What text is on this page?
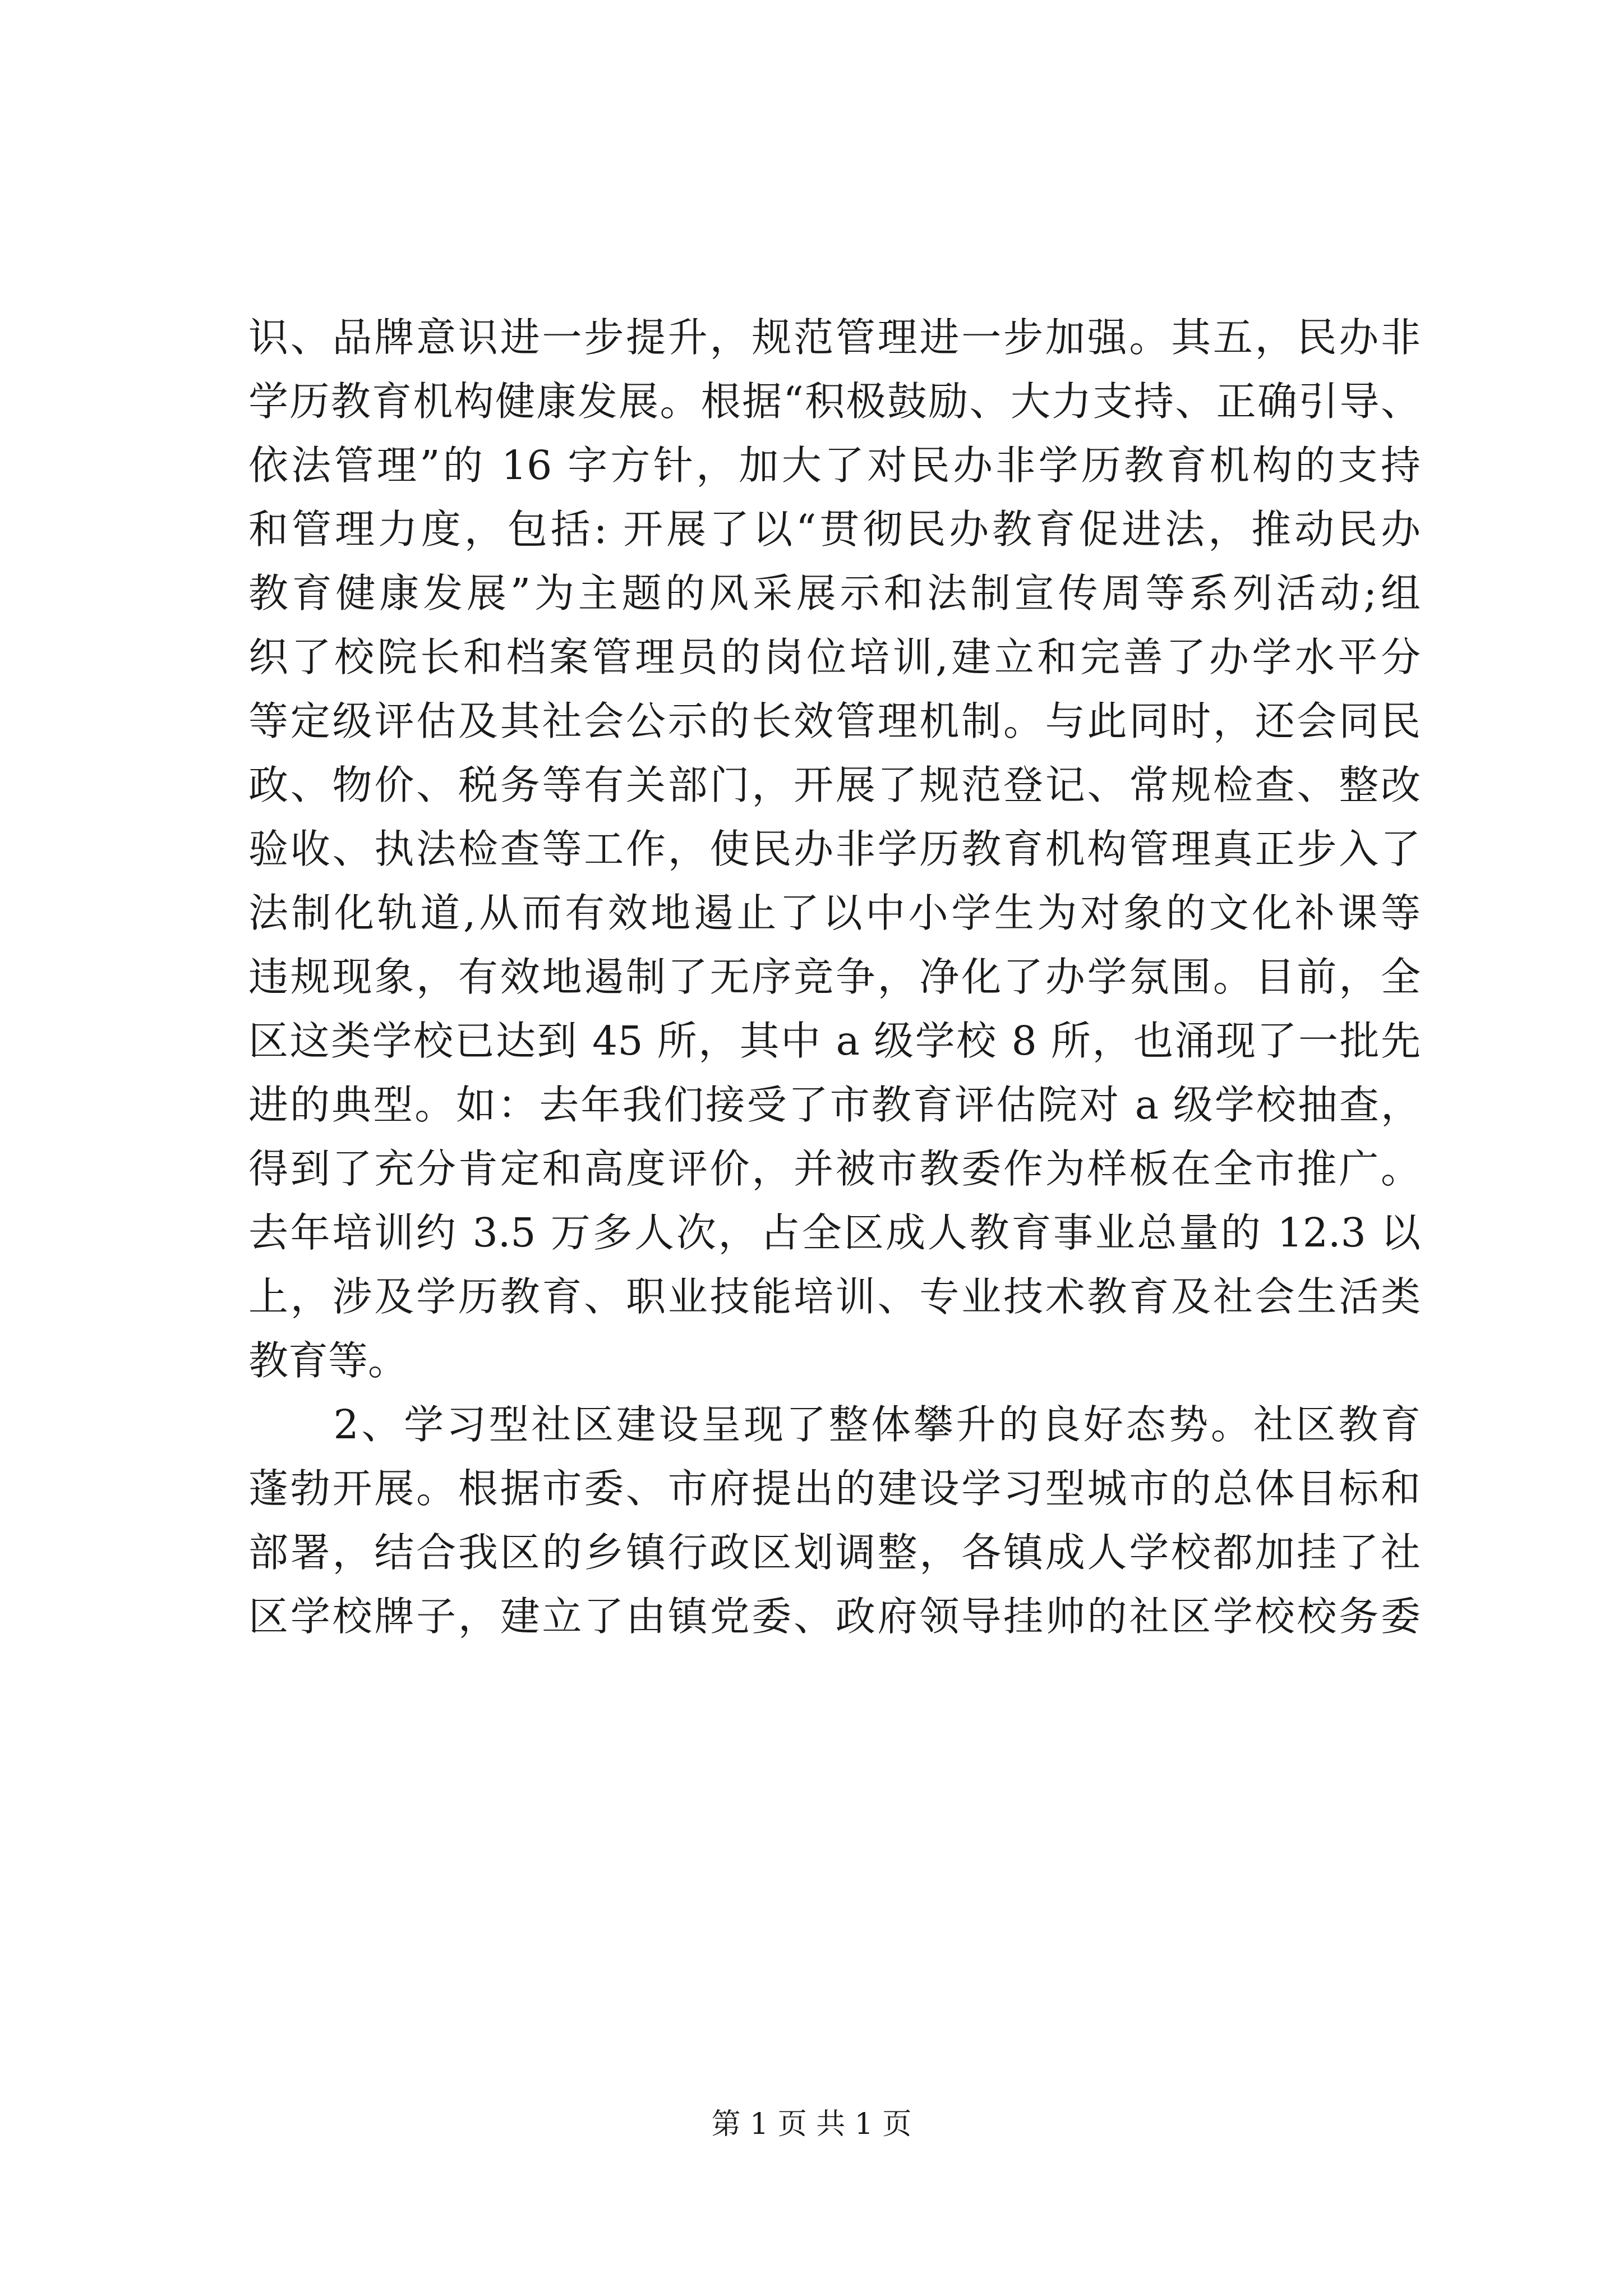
识、品牌意识进一步提升，规范管理进一步加强。其五，民办非
学历教育机构健康发展。根据“积极鼓励、大力支持、正确引导、
依法管理”的 16 字方针，加大了对民办非学历教育机构的支持
和管理力度，包括: 开展了以“贯彻民办教育促进法，推动民办
教育健康发展”为主题的风采展示和法制宣传周等系列活动;组
织了校院长和档案管理员的岗位培训,建立和完善了办学水平分
等定级评估及其社会公示的长效管理机制。与此同时，还会同民
政、物价、税务等有关部门，开展了规范登记、常规检查、整改
验收、执法检查等工作，使民办非学历教育机构管理真正步入了
法制化轨道,从而有效地遏止了以中小学生为对象的文化补课等
违规现象，有效地遏制了无序竞争，净化了办学氛围。目前，全
区这类学校已达到 45 所，其中 a 级学校 8 所，也涌现了一批先
进的典型。如：去年我们接受了市教育评估院对 a 级学校抽查，
得到了充分肯定和高度评价，并被市教委作为样板在全市推广。
去年培训约 3.5 万多人次，占全区成人教育事业总量的 12.3 以
上，涉及学历教育、职业技能培训、专业技术教育及社会生活类
教育等。
　　2、学习型社区建设呈现了整体攀升的良好态势。社区教育
蓬勃开展。根据市委、市府提出的建设学习型城市的总体目标和
部署，结合我区的乡镇行政区划调整，各镇成人学校都加挂了社
区学校牌子，建立了由镇党委、政府领导挂帅的社区学校校务委
第 1 页 共 1 页
